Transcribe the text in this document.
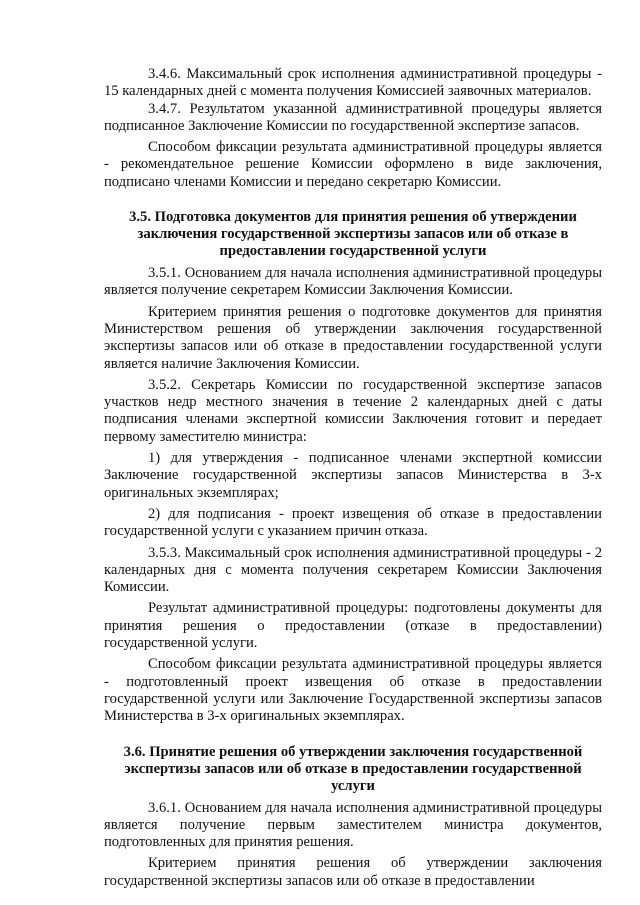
3.4.6. Максимальный срок исполнения административной процедуры - 15 календарных дней с момента получения Комиссией заявочных материалов.

3.4.7. Результатом указанной административной процедуры является подписанное Заключение Комиссии по государственной экспертизе запасов.

Способом фиксации результата административной процедуры является - рекомендательное решение Комиссии оформлено в виде заключения, подписано членами Комиссии и передано секретарю Комиссии.

3.5. Подготовка документов для принятия решения об утверждении заключения государственной экспертизы запасов или об отказе в предоставлении государственной услуги

3.5.1. Основанием для начала исполнения административной процедуры является получение секретарем Комиссии Заключения Комиссии.

Критерием принятия решения о подготовке документов для принятия Министерством решения об утверждении заключения государственной экспертизы запасов или об отказе в предоставлении государственной услуги является наличие Заключения Комиссии.

3.5.2. Секретарь Комиссии по государственной экспертизе запасов участков недр местного значения в течение 2 календарных дней с даты подписания членами экспертной комиссии Заключения готовит и передает первому заместителю министра:

1) для утверждения - подписанное членами экспертной комиссии Заключение государственной экспертизы запасов Министерства в 3-х оригинальных экземплярах;

2) для подписания - проект извещения об отказе в предоставлении государственной услуги с указанием причин отказа.

3.5.3. Максимальный срок исполнения административной процедуры - 2 календарных дня с момента получения секретарем Комиссии Заключения Комиссии.

Результат административной процедуры: подготовлены документы для принятия решения о предоставлении (отказе в предоставлении) государственной услуги.

Способом фиксации результата административной процедуры является - подготовленный проект извещения об отказе в предоставлении государственной услуги или Заключение Государственной экспертизы запасов Министерства в 3-х оригинальных экземплярах.

3.6. Принятие решения об утверждении заключения государственной экспертизы запасов или об отказе в предоставлении государственной услуги

3.6.1. Основанием для начала исполнения административной процедуры является получение первым заместителем министра документов, подготовленных для принятия решения.

Критерием принятия решения об утверждении заключения государственной экспертизы запасов или об отказе в предоставлении
